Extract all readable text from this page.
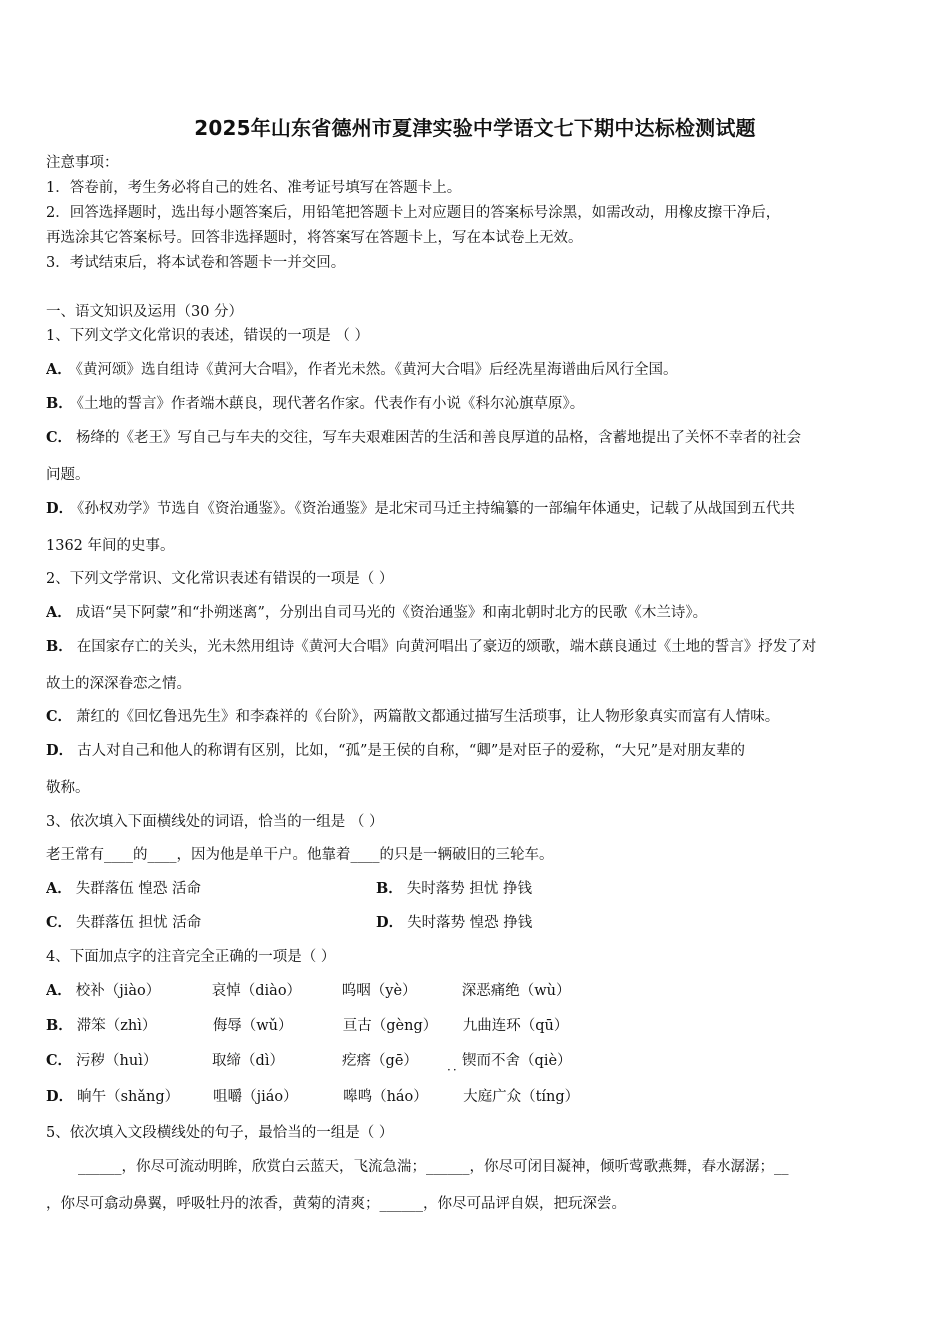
2025年山东省德州市夏津实验中学语文七下期中达标检测试题
注意事项：
1．答卷前，考生务必将自己的姓名、准考证号填写在答题卡上。
2．回答选择题时，选出每小题答案后，用铅笔把答题卡上对应题目的答案标号涂黑，如需改动，用橡皮擦干净后，
再选涂其它答案标号。回答非选择题时，将答案写在答题卡上，写在本试卷上无效。
3．考试结束后，将本试卷和答题卡一并交回。
一、语文知识及运用（30 分）
1、下列文学文化常识的表述，错误的一项是 （ ）
A． 《黄河颂》选自组诗《黄河大合唱》，作者光未然。《黄河大合唱》后经冼星海谱曲后风行全国。
B． 《土地的誓言》作者端木蕻良，现代著名作家。代表作有小说《科尔沁旗草原》。
C． 杨绛的《老王》写自己与车夫的交往，写车夫艰难困苦的生活和善良厚道的品格，含蓄地提出了关怀不幸者的社会
问题。
D． 《孙权劝学》节选自《资治通鉴》。《资治通鉴》是北宋司马迁主持编纂的一部编年体通史，记载了从战国到五代共
1362 年间的史事。
2、下列文学常识、文化常识表述有错误的一项是（ ）
A． 成语“吴下阿蒙”和“扑朔迷离”，分别出自司马光的《资治通鉴》和南北朝时北方的民歌《木兰诗》。
B． 在国家存亡的关头，光未然用组诗《黄河大合唱》向黄河唱出了豪迈的颂歌，端木蕻良通过《土地的誓言》抒发了对
故土的深深眷恋之情。
C． 萧红的《回忆鲁迅先生》和李森祥的《台阶》，两篇散文都通过描写生活琐事，让人物形象真实而富有人情味。
D． 古人对自己和他人的称谓有区别，比如，“孤”是王侯的自称，“卿”是对臣子的爱称，“大兄”是对朋友辈的
敬称。
3、依次填入下面横线处的词语，恰当的一组是 （ ）
老王常有____的____，因为他是单干户。他靠着____的只是一辆破旧的三轮车。
A． 失群落伍 惶恐 活命	B． 失时落势 担忧 挣钱
C． 失群落伍 担忧 活命	D． 失时落势 惶恐 挣钱
4、下面加点字的注音完全正确的一项是（ ）
A． 校补（jiào）	哀悼（diào）	呜咽（yè）	深恶痛绝（wù）
B． 滞笨（zhì）	侮辱（wǔ）	亘古（gèng） 九曲连环（qū）
C． 污秽（huì）	取缔（dì）	疙瘩（gē）	锲而不舍（qiè）
··
D． 晌午（shǎng） 咀嚼（jiáo）	嗥鸣（háo） 大庭广众（tíng）
5、依次填入文段横线处的句子，最恰当的一组是（ ）
______，你尽可流动明眸，欣赏白云蓝天，飞流急湍；______，你尽可闭目凝神，倾听莺歌燕舞，春水潺潺；__
，你尽可翕动鼻翼，呼吸牡丹的浓香，黄菊的清爽；______，你尽可品评自娱，把玩深尝。
